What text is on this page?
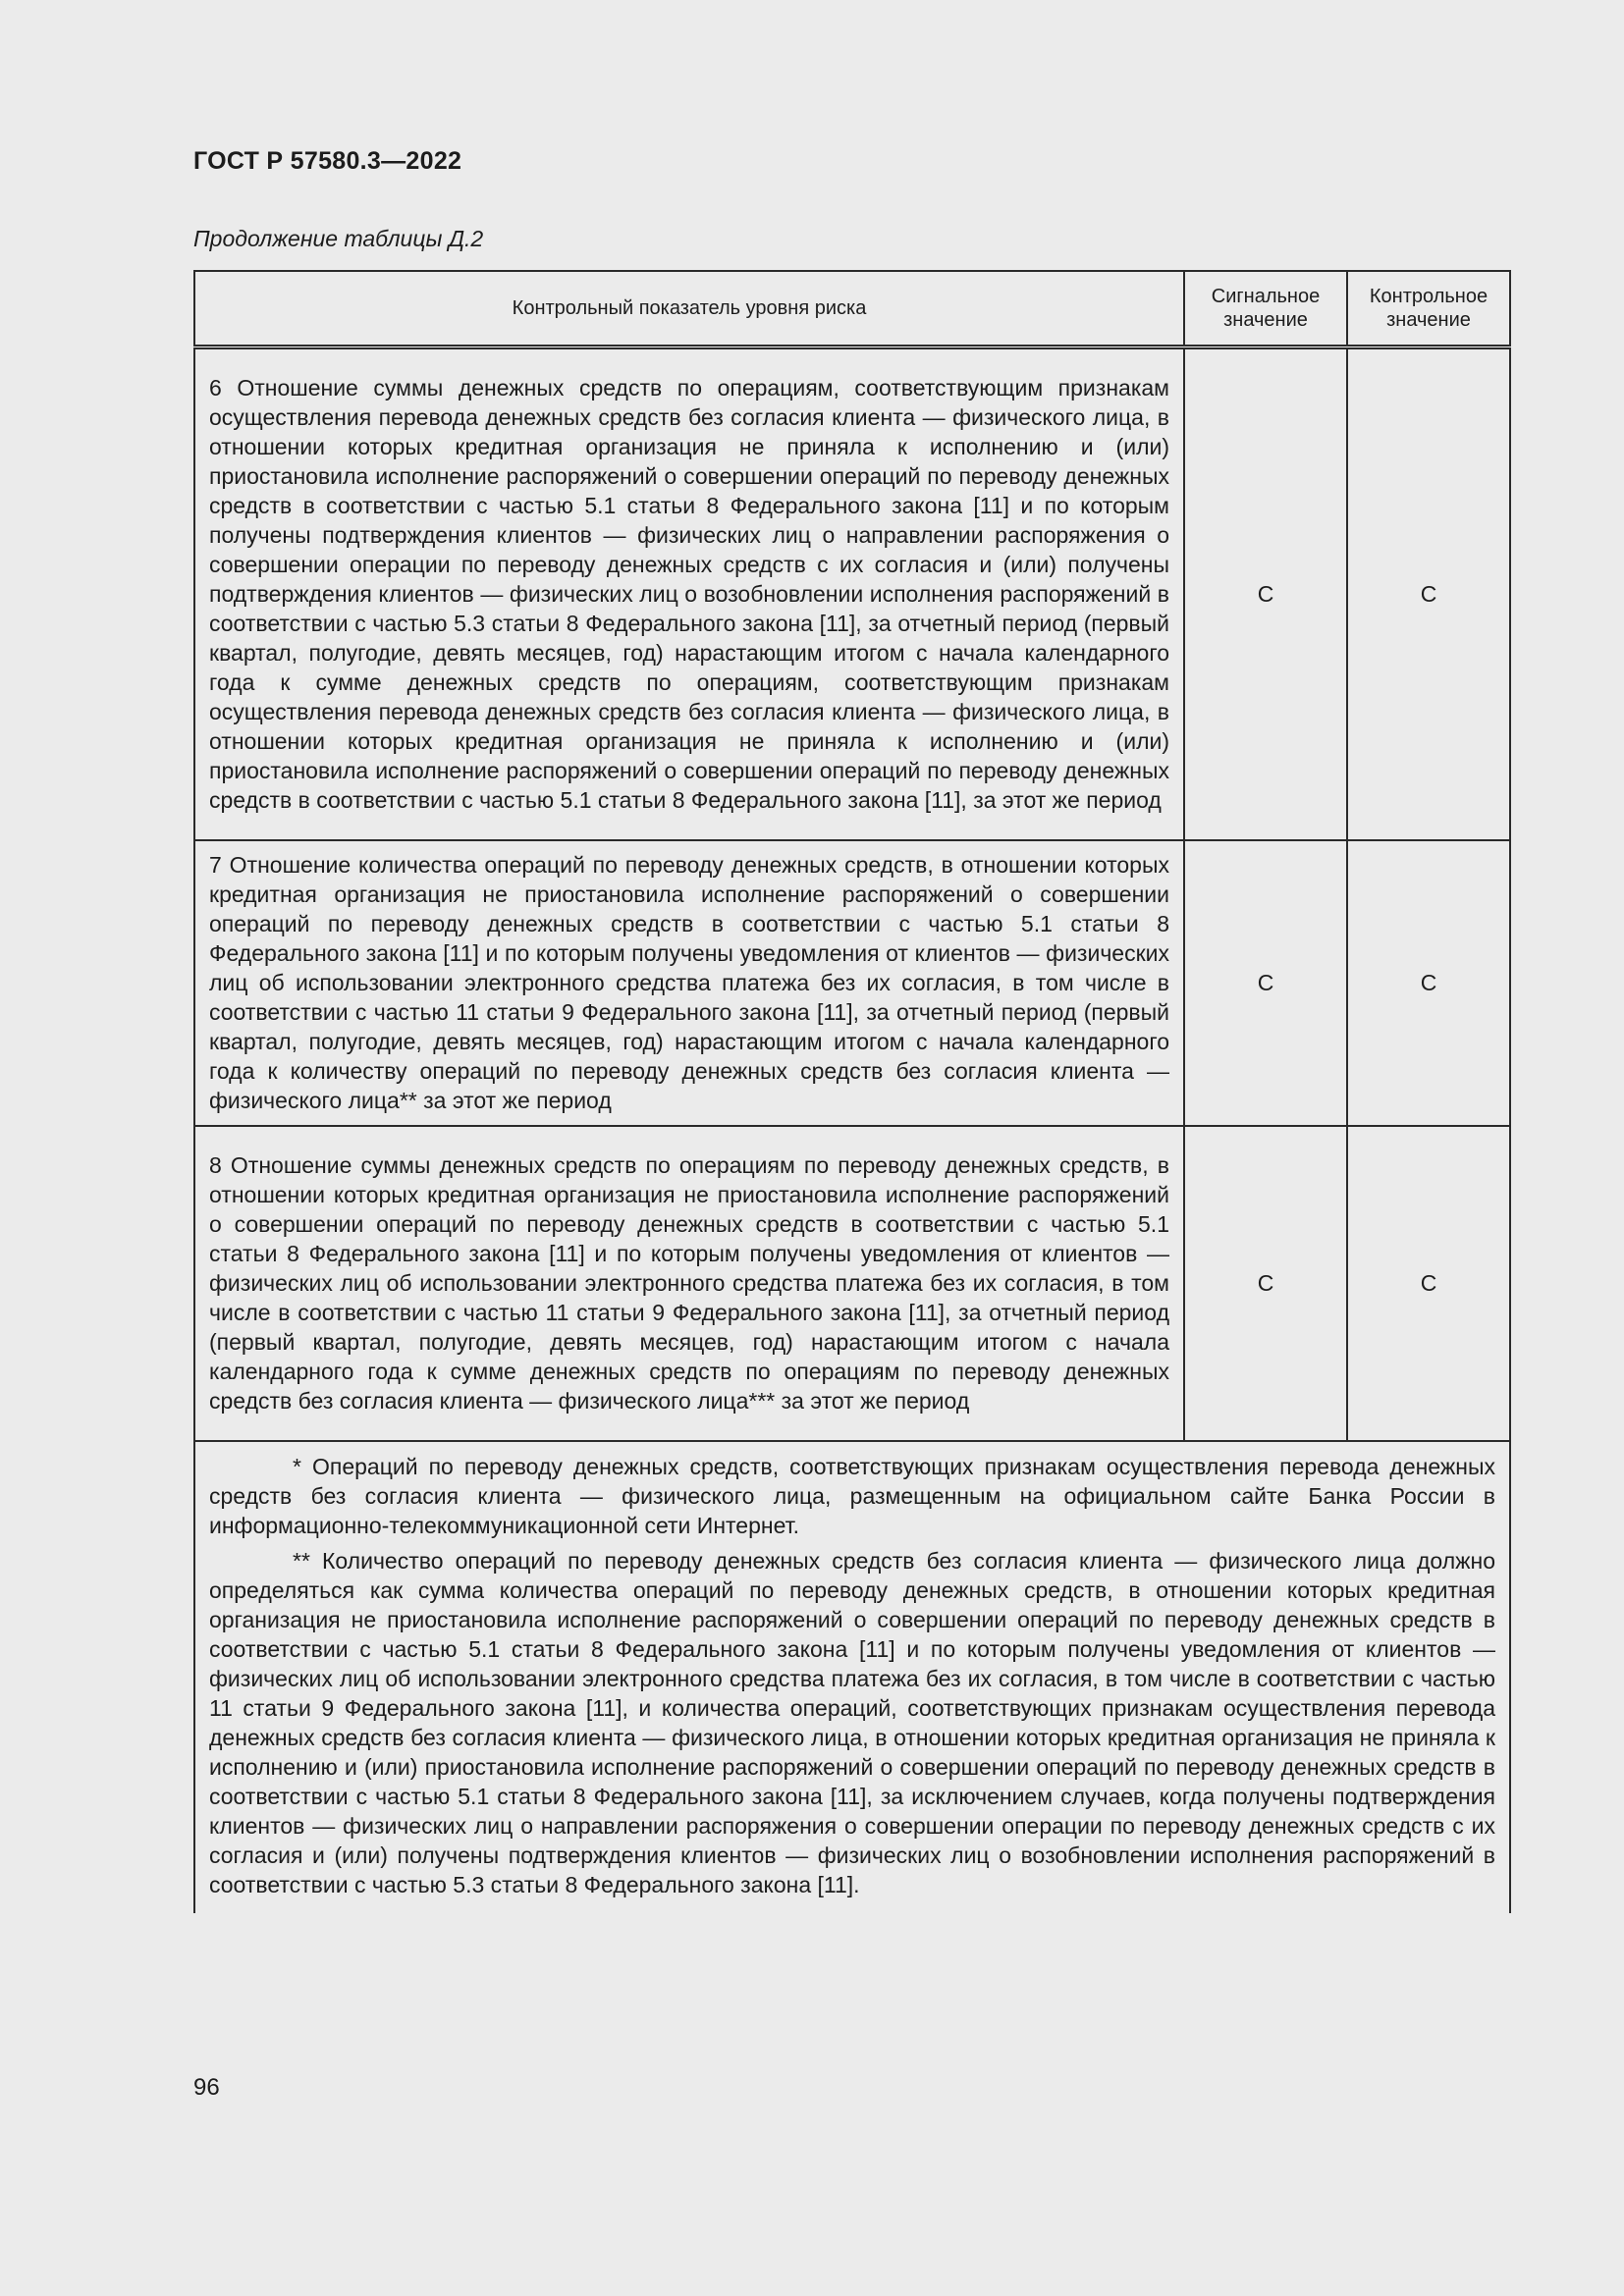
ГОСТ Р 57580.3—2022
Продолжение таблицы Д.2
Контрольный показатель уровня риска	Сигнальное значение	Контрольное значение
6 Отношение суммы денежных средств по операциям, соответствующим признакам осуществления перевода денежных средств без согласия клиента — физического лица, в отношении которых кредитная организация не приняла к исполнению и (или) приостановила исполнение распоряжений о совершении операций по переводу денежных средств в соответствии с частью 5.1 статьи 8 Федерального закона [11] и по которым получены подтверждения клиентов — физических лиц о направлении распоряжения о совершении операции по переводу денежных средств с их согласия и (или) получены подтверждения клиентов — физических лиц о возобновлении исполнения распоряжений в соответствии с частью 5.3 статьи 8 Федерального закона [11], за отчетный период (первый квартал, полугодие, девять месяцев, год) нарастающим итогом с начала календарного года к сумме денежных средств по операциям, соответствующим признакам осуществления перевода денежных средств без согласия клиента — физического лица, в отношении которых кредитная организация не приняла к исполнению и (или) приостановила исполнение распоряжений о совершении операций по переводу денежных средств в соответствии с частью 5.1 статьи 8 Федерального закона [11], за этот же период	C	C
7 Отношение количества операций по переводу денежных средств, в отношении которых кредитная организация не приостановила исполнение распоряжений о совершении операций по переводу денежных средств в соответствии с частью 5.1 статьи 8 Федерального закона [11] и по которым получены уведомления от клиентов — физических лиц об использовании электронного средства платежа без их согласия, в том числе в соответствии с частью 11 статьи 9 Федерального закона [11], за отчетный период (первый квартал, полугодие, девять месяцев, год) нарастающим итогом с начала календарного года к количеству операций по переводу денежных средств без согласия клиента — физического лица** за этот же период	C	C
8 Отношение суммы денежных средств по операциям по переводу денежных средств, в отношении которых кредитная организация не приостановила исполнение распоряжений о совершении операций по переводу денежных средств в соответствии с частью 5.1 статьи 8 Федерального закона [11] и по которым получены уведомления от клиентов — физических лиц об использовании электронного средства платежа без их согласия, в том числе в соответствии с частью 11 статьи 9 Федерального закона [11], за отчетный период (первый квартал, полугодие, девять месяцев, год) нарастающим итогом с начала календарного года к сумме денежных средств по операциям по переводу денежных средств без согласия клиента — физического лица*** за этот же период	C	C

* Операций по переводу денежных средств, соответствующих признакам осуществления перевода денежных средств без согласия клиента — физического лица, размещенным на официальном сайте Банка России в информационно-телекоммуникационной сети Интернет.

** Количество операций по переводу денежных средств без согласия клиента — физического лица должно определяться как сумма количества операций по переводу денежных средств, в отношении которых кредитная организация не приостановила исполнение распоряжений о совершении операций по переводу денежных средств в соответствии с частью 5.1 статьи 8 Федерального закона [11] и по которым получены уведомления от клиентов — физических лиц об использовании электронного средства платежа без их согласия, в том числе в соответствии с частью 11 статьи 9 Федерального закона [11], и количества операций, соответствующих признакам осуществления перевода денежных средств без согласия клиента — физического лица, в отношении которых кредитная организация не приняла к исполнению и (или) приостановила исполнение распоряжений о совершении операций по переводу денежных средств в соответствии с частью 5.1 статьи 8 Федерального закона [11], за исключением случаев, когда получены подтверждения клиентов — физических лиц о направлении распоряжения о совершении операции по переводу денежных средств с их согласия и (или) получены подтверждения клиентов — физических лиц о возобновлении исполнения распоряжений в соответствии с частью 5.3 статьи 8 Федерального закона [11].		

96
